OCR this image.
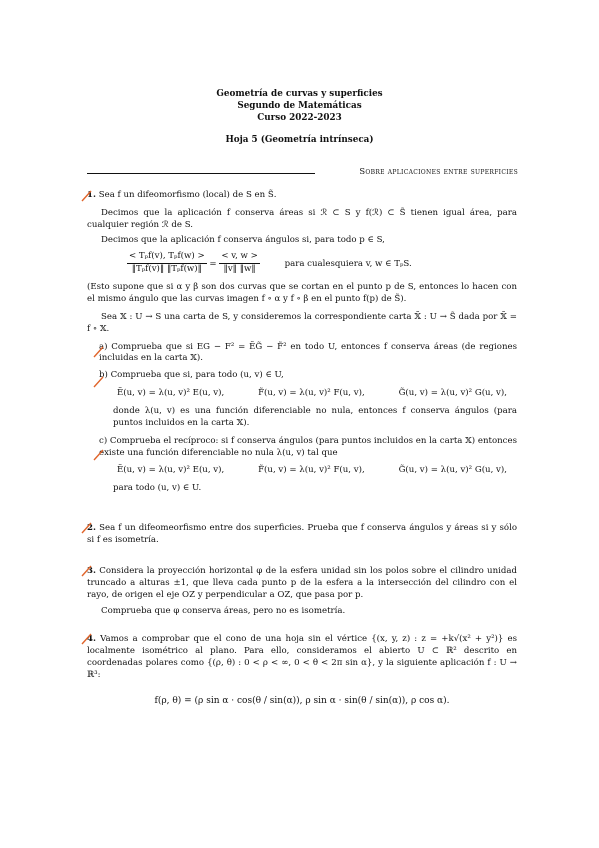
Geometría de curvas y superficies
Segundo de Matemáticas
Curso 2022-2023
Hoja 5 (Geometría intrínseca)
Sobre aplicaciones entre superficies

1. Sea f un difeomorfismo (local) de S en S̃.

Decimos que la aplicación f conserva áreas si ℛ ⊂ S y f(ℛ) ⊂ S̃ tienen igual área, para cualquier región ℛ de S.

Decimos que la aplicación f conserva ángulos si, para todo p ∈ S,

$\frac{\text{< Tₚf(v), Tₚf(w) >}}{\text{‖Tₚf(v)‖ ‖Tₚf(w)‖}} = \frac{< v, w >}{‖v‖ ‖w‖}$	para cualesquiera v, w ∈ TₚS.

(Esto supone que si α y β son dos curvas que se cortan en el punto p de S, entonces lo hacen con el mismo ángulo que las curvas imagen f ∘ α y f ∘ β en el punto f(p) de S̃).

Sea 𝕏 : U → S una carta de S, y consideremos la correspondiente carta 𝕏̃ : U → S̃ dada por 𝕏̃ = f ∘ 𝕏.

a) Comprueba que si EG − F² = ẼG̃ − F̃² en todo U, entonces f conserva áreas (de regiones incluidas en la carta 𝕏).

b) Comprueba que si, para todo (u, v) ∈ U,

Ẽ(u, v) = λ(u, v)² E(u, v),	F̃(u, v) = λ(u, v)² F(u, v),	G̃(u, v) = λ(u, v)² G(u, v),

donde λ(u, v) es una función diferenciable no nula, entonces f conserva ángulos (para puntos incluidos en la carta 𝕏).

c) Comprueba el recíproco: si f conserva ángulos (para puntos incluidos en la carta 𝕏) entonces existe una función diferenciable no nula λ(u, v) tal que

Ẽ(u, v) = λ(u, v)² E(u, v),	F̃(u, v) = λ(u, v)² F(u, v),	G̃(u, v) = λ(u, v)² G(u, v),

para todo (u, v) ∈ U.

2. Sea f un difeomeorfismo entre dos superficies. Prueba que f conserva ángulos y áreas si y sólo si f es isometría.

3. Considera la proyección horizontal φ de la esfera unidad sin los polos sobre el cilindro unidad truncado a alturas ±1, que lleva cada punto p de la esfera a la intersección del cilindro con el rayo, de origen el eje OZ y perpendicular a OZ, que pasa por p.

Comprueba que φ conserva áreas, pero no es isometría.

4. Vamos a comprobar que el cono de una hoja sin el vértice {(x, y, z) : z = +k√(x² + y²)} es localmente isométrico al plano. Para ello, consideramos el abierto U ⊂ ℝ² descrito en coordenadas polares como {(ρ, θ) : 0 < ρ < ∞, 0 < θ < 2π sin α}, y la siguiente aplicación f : U → ℝ³:

f(ρ, θ) = (ρ sin α · cos(θ / sin(α)), ρ sin α · sin(θ / sin(α)), ρ cos α).
